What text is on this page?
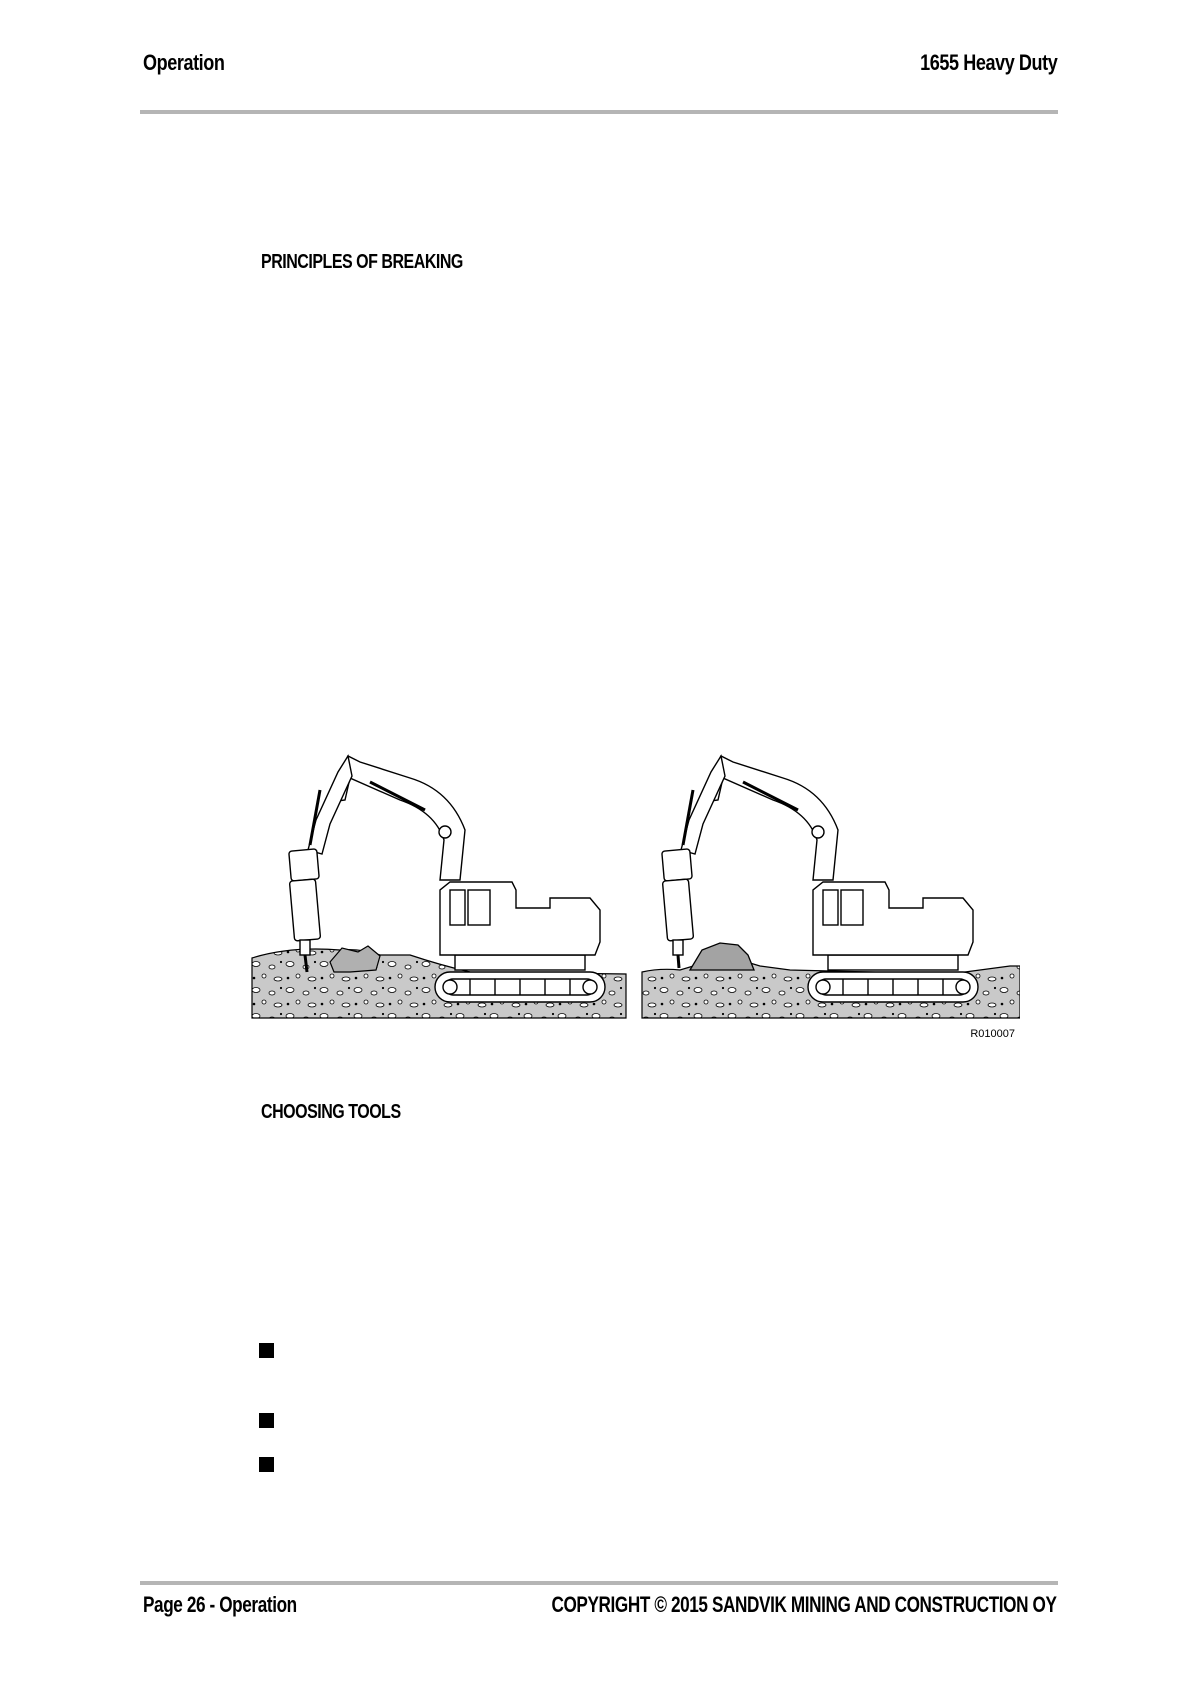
Operation	1655 Heavy Duty
PRINCIPLES OF BREAKING
R010007
CHOOSING TOOLS
Page 26 - Operation	COPYRIGHT © 2015 SANDVIK MINING AND CONSTRUCTION OY
